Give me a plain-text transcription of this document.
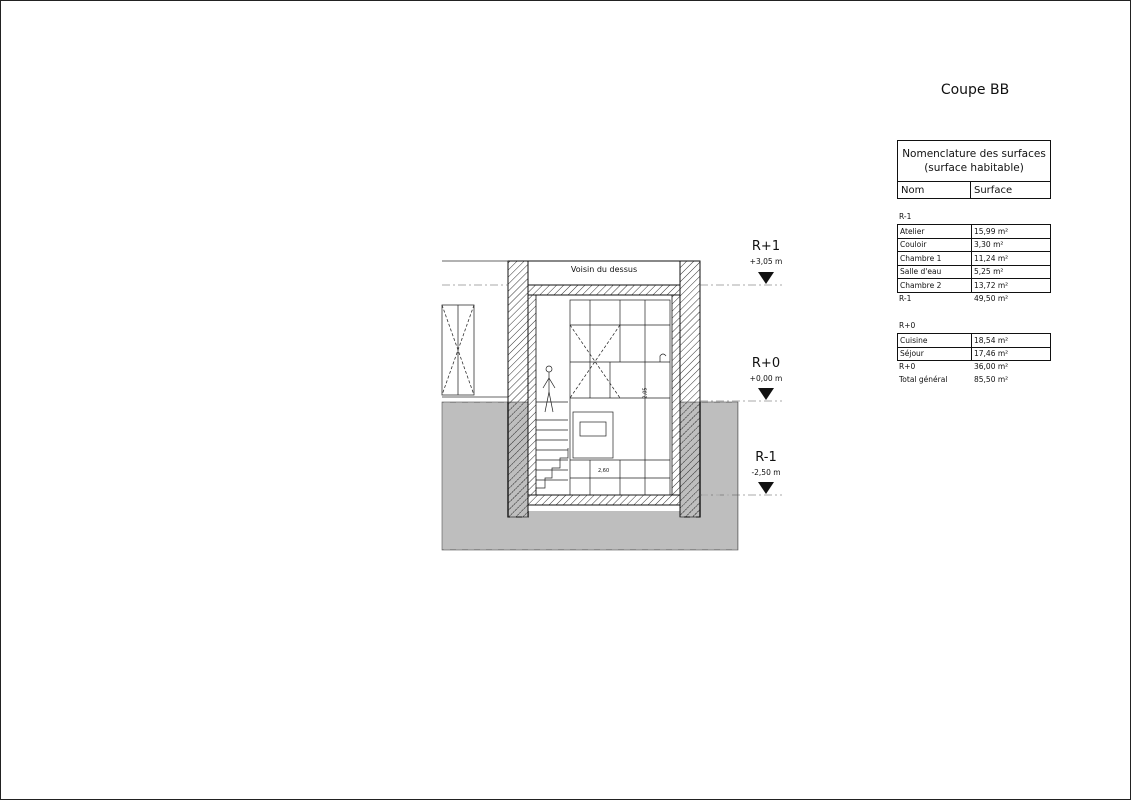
Coupe BB
Nomenclature des surfaces
(surface habitable)
Nom	Surface
R-1
Atelier	15,99 m²
Couloir	3,30 m²
Chambre 1	11,24 m²
Salle d'eau	5,25 m²
Chambre 2	13,72 m²
R-1	49,50 m²
R+0
Cuisine	18,54 m²
Séjour	17,46 m²
R+0	36,00 m²
Total général	85,50 m²
Voisin du dessus
2,05
2,60
R+1
+3,05 m
R+0
+0,00 m
R-1
-2,50 m
